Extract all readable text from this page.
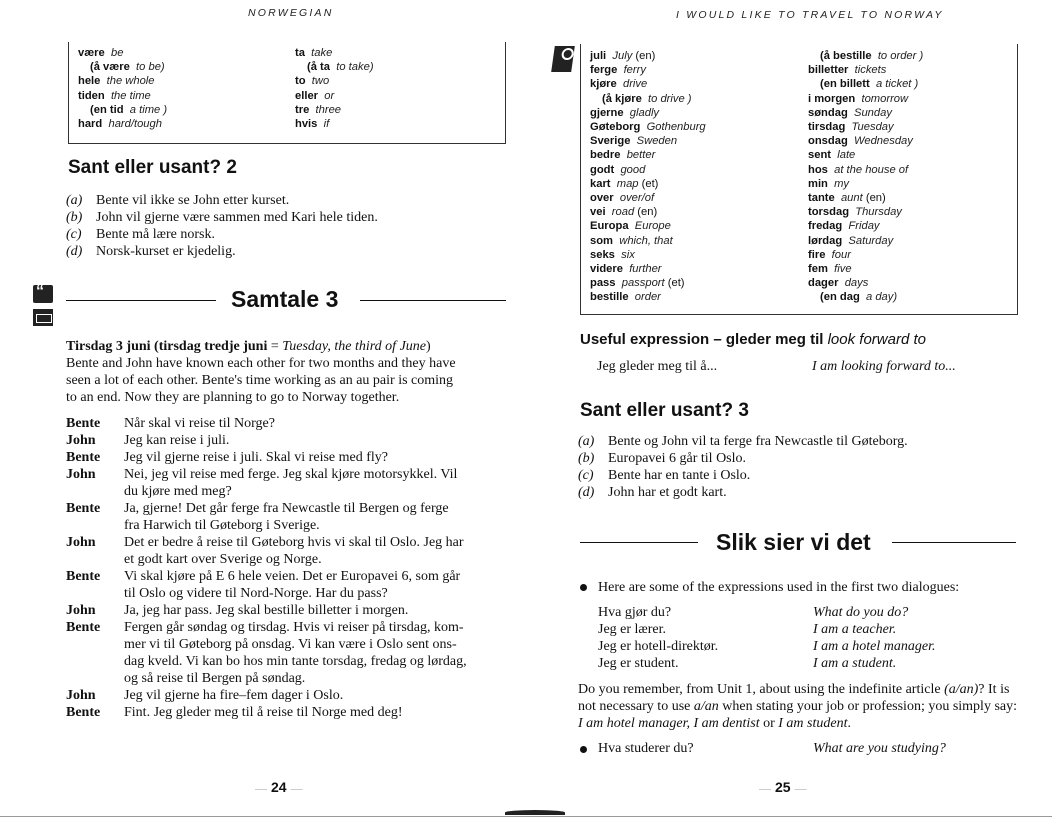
NORWEGIAN	I WOULD LIKE TO TRAVEL TO NORWAY
være be
(å være to be)
hele the whole
tiden the time
(en tid a time )
hard hard/tough
ta take
(å ta to take)
to two
eller or
tre three
hvis if
Sant eller usant? 2
(a) Bente vil ikke se John etter kurset.
(b) John vil gjerne være sammen med Kari hele tiden.
(c) Bente må lære norsk.
(d) Norsk-kurset er kjedelig.
“	Samtale 3
Tirsdag 3 juni (tirsdag tredje juni = Tuesday, the third of June)
Bente and John have known each other for two months and they have
seen a lot of each other. Bente's time working as an au pair is coming
to an end. Now they are planning to go to Norway together.
Bente	Når skal vi reise til Norge?
John	Jeg kan reise i juli.
Bente	Jeg vil gjerne reise i juli. Skal vi reise med fly?
John	Nei, jeg vil reise med ferge. Jeg skal kjøre motorsykkel. Vil
du kjøre med meg?
Bente	Ja, gjerne! Det går ferge fra Newcastle til Bergen og ferge
fra Harwich til Gøteborg i Sverige.
John	Det er bedre å reise til Gøteborg hvis vi skal til Oslo. Jeg har
et godt kart over Sverige og Norge.
Bente	Vi skal kjøre på E 6 hele veien. Det er Europavei 6, som går
til Oslo og videre til Nord-Norge. Har du pass?
John	Ja, jeg har pass. Jeg skal bestille billetter i morgen.
Bente	Fergen går søndag og tirsdag. Hvis vi reiser på tirsdag, kom-
mer vi til Gøteborg på onsdag. Vi kan være i Oslo sent ons-
dag kveld. Vi kan bo hos min tante torsdag, fredag og lørdag,
og så reise til Bergen på søndag.
John	Jeg vil gjerne ha fire–fem dager i Oslo.
Bente	Fint. Jeg gleder meg til å reise til Norge med deg!
— 24 —
juli July (en)
ferge ferry
kjøre drive
(å kjøre to drive )
gjerne gladly
Gøteborg Gothenburg
Sverige Sweden
bedre better
godt good
kart map (et)
over over/of
vei road (en)
Europa Europe
som which, that
seks six
videre further
pass passport (et)
bestille order
(å bestille to order )
billetter tickets
(en billett a ticket )
i morgen tomorrow
søndag Sunday
tirsdag Tuesday
onsdag Wednesday
sent late
hos at the house of
min my
tante aunt (en)
torsdag Thursday
fredag Friday
lørdag Saturday
fire four
fem five
dager days
(en dag a day)
Useful expression – gleder meg til look forward to
Jeg gleder meg til å...	I am looking forward to...
Sant eller usant? 3
(a) Bente og John vil ta ferge fra Newcastle til Gøteborg.
(b) Europavei 6 går til Oslo.
(c) Bente har en tante i Oslo.
(d) John har et godt kart.
Slik sier vi det
Here are some of the expressions used in the first two dialogues:
Hva gjør du?	What do you do?
Jeg er lærer.	I am a teacher.
Jeg er hotell-direktør.	I am a hotel manager.
Jeg er student.	I am a student.
Do you remember, from Unit 1, about using the indefinite article (a/an)? It is not necessary to use a/an when stating your job or profession; you simply say: I am hotel manager, I am dentist or I am student.
Hva studerer du?	What are you studying?
— 25 —
